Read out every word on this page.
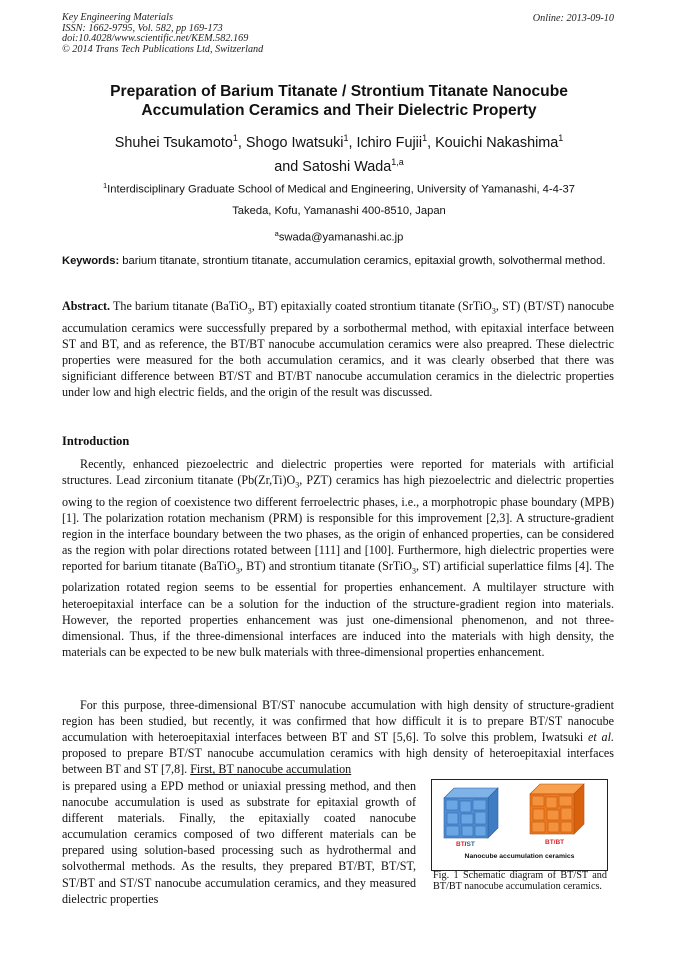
Key Engineering Materials
ISSN: 1662-9795, Vol. 582, pp 169-173
doi:10.4028/www.scientific.net/KEM.582.169
© 2014 Trans Tech Publications Ltd, Switzerland
Online: 2013-09-10
Preparation of Barium Titanate / Strontium Titanate Nanocube
Accumulation Ceramics and Their Dielectric Property
Shuhei Tsukamoto$^1$, Shogo Iwatsuki$^1$, Ichiro Fujii$^1$, Kouichi Nakashima$^1$
and Satoshi Wada$^{1,a}$
$^1$Interdisciplinary Graduate School of Medical and Engineering, University of Yamanashi, 4-4-37
Takeda, Kofu, Yamanashi 400-8510, Japan
$^a$swada@yamanashi.ac.jp
Keywords: barium titanate, strontium titanate, accumulation ceramics, epitaxial growth, solvothermal method.
Abstract. The barium titanate (BaTiO$_3$, BT) epitaxially coated strontium titanate (SrTiO$_3$, ST) (BT/ST) nanocube accumulation ceramics were successfully prepared by a sorbothermal method, with epitaxial interface between ST and BT, and as reference, the BT/BT nanocube accumulation ceramics were also preapred. These dielectric properties were measured for the both accumulation ceramics, and it was clearly obserbed that there was significiant difference between BT/ST and BT/BT nanocube accumulation ceramics in the dielectric properties under low and high electric fields, and the origin of the result was discussed.
Introduction

Recently, enhanced piezoelectric and dielectric properties were reported for materials with artificial structures. Lead zirconium titanate ($Pb(Zr,Ti)O_3$, PZT) ceramics has high piezoelectric and dielectric properties owing to the region of coexistence two different ferroelectric phases, i.e., a morphotropic phase boundary (MPB) [1]. The polarization rotation mechanism (PRM) is responsible for this improvement [2,3]. A structure-gradient region in the interface boundary between the two phases, as the origin of enhanced properties, can be considered as the region with polar directions rotated between [111] and [100]. Furthermore, high dielectric properties were reported for barium titanate (BaTiO$_3$, BT) and strontium titanate (SrTiO$_3$, ST) artificial superlattice films [4]. The polarization rotated region seems to be essential for properties enhancement. A multilayer structure with heteroepitaxial interface can be a solution for the induction of the structure-gradient region into materials. However, the reported properties enhancement was just one-dimensional phenomenon, and not three-dimensional. Thus, if the three-dimensional interfaces are induced into the materials with high density, the materials can be expected to be new bulk materials with three-dimensional properties enhancement.

For this purpose, three-dimensional BT/ST nanocube accumulation with high density of structure-gradient region has been studied, but recently, it was confirmed that how difficult it is to prepare BT/ST nanocube accumulation with heteroepitaxial interfaces between BT and ST [5,6]. To solve this problem, Iwatsuki et al. proposed to prepare BT/ST nanocube accumulation ceramics with high density of heteroepitaxial interfaces between BT and ST [7,8]. First, BT nanocube accumulation
is prepared using a EPD method or uniaxial pressing method, and then nanocube accumulation is used as substrate for epitaxial growth of different materials. Finally, the epitaxially coated nanocube accumulation ceramics composed of two different materials can be prepared using solution-based processing such as hydrothermal and solvothermal methods. As the results, they prepared BT/BT, BT/ST, ST/BT and ST/ST nanocube accumulation ceramics, and they measured dielectric properties
BT/ST	BT/BT
Nanocube accumulation ceramics
Fig. 1 Schematic diagram of BT/ST and BT/BT nanocube accumulation ceramics.
